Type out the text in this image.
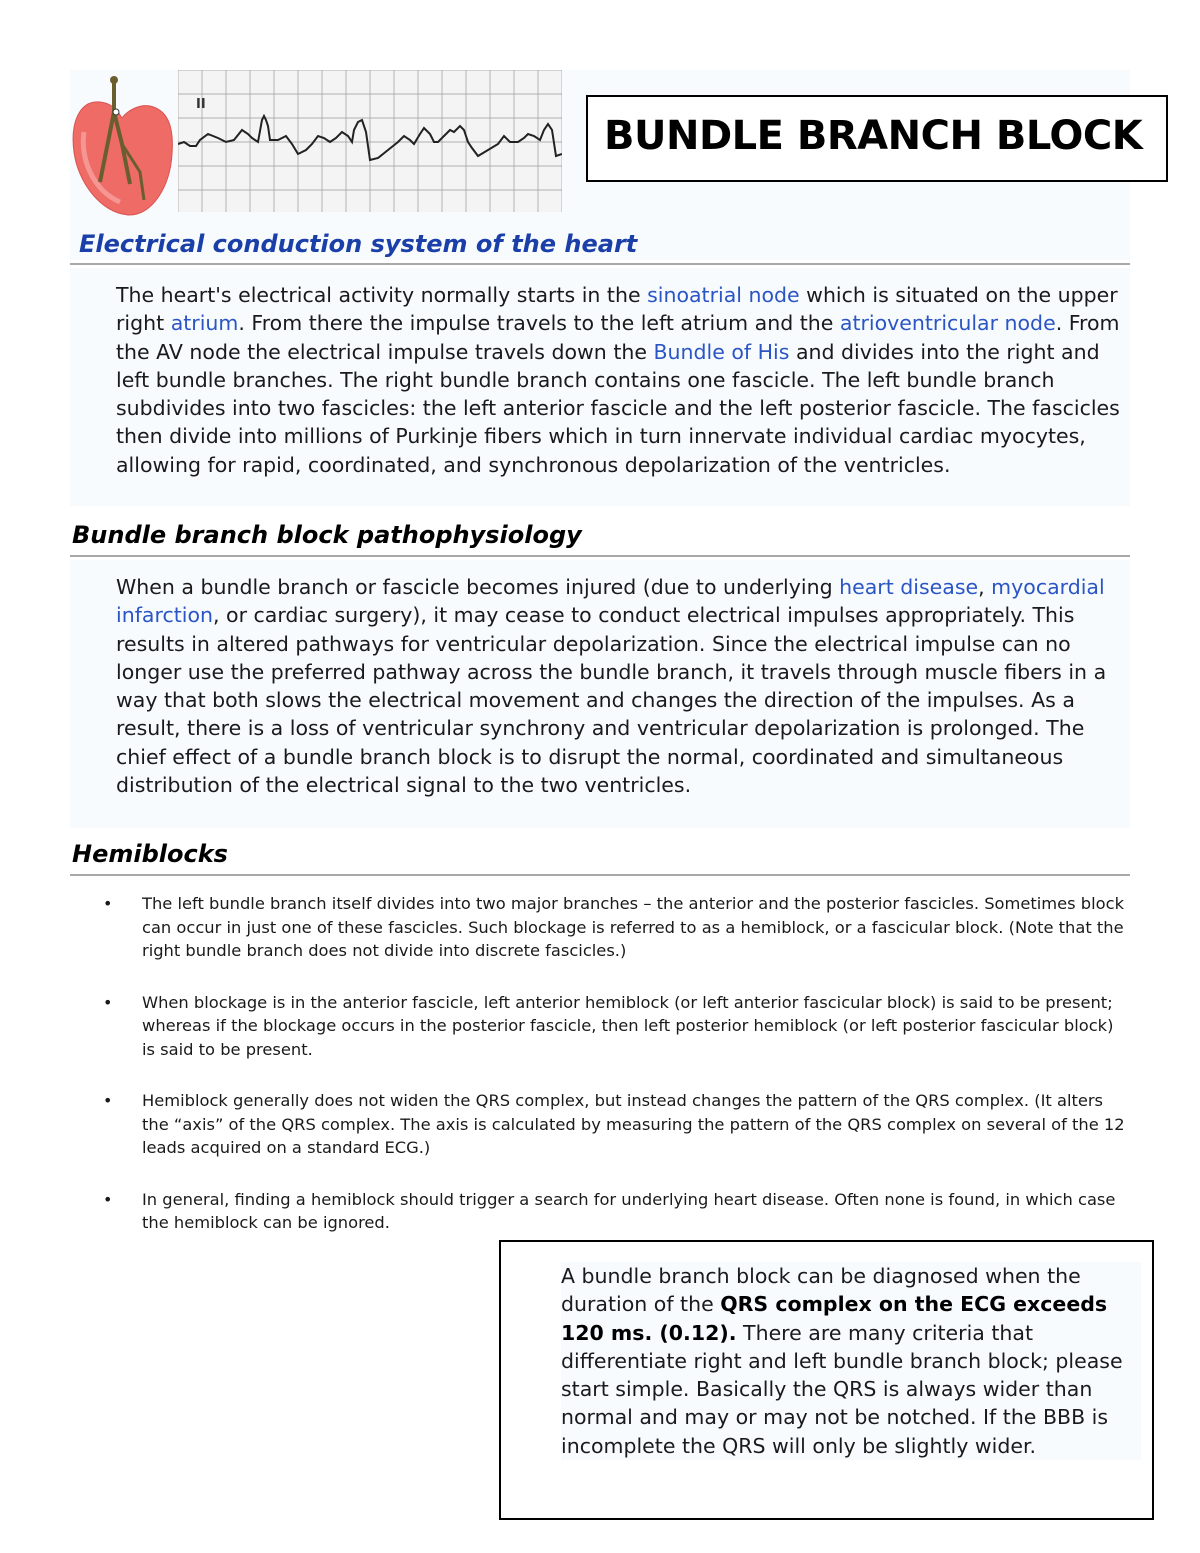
II
BUNDLE BRANCH BLOCK
Electrical conduction system of the heart
The heart's electrical activity normally starts in the sinoatrial node which is situated on the upper right atrium. From there the impulse travels to the left atrium and the atrioventricular node. From the AV node the electrical impulse travels down the Bundle of His and divides into the right and left bundle branches. The right bundle branch contains one fascicle. The left bundle branch subdivides into two fascicles: the left anterior fascicle and the left posterior fascicle. The fascicles then divide into millions of Purkinje fibers which in turn innervate individual cardiac myocytes, allowing for rapid, coordinated, and synchronous depolarization of the ventricles.
Bundle branch block pathophysiology
When a bundle branch or fascicle becomes injured (due to underlying heart disease, myocardial infarction, or cardiac surgery), it may cease to conduct electrical impulses appropriately. This results in altered pathways for ventricular depolarization. Since the electrical impulse can no longer use the preferred pathway across the bundle branch, it travels through muscle fibers in a way that both slows the electrical movement and changes the direction of the impulses. As a result, there is a loss of ventricular synchrony and ventricular depolarization is prolonged. The chief effect of a bundle branch block is to disrupt the normal, coordinated and simultaneous distribution of the electrical signal to the two ventricles.
Hemiblocks
• The left bundle branch itself divides into two major branches – the anterior and the posterior fascicles. Sometimes block can occur in just one of these fascicles. Such blockage is referred to as a hemiblock, or a fascicular block. (Note that the right bundle branch does not divide into discrete fascicles.)
• When blockage is in the anterior fascicle, left anterior hemiblock (or left anterior fascicular block) is said to be present; whereas if the blockage occurs in the posterior fascicle, then left posterior hemiblock (or left posterior fascicular block) is said to be present.
• Hemiblock generally does not widen the QRS complex, but instead changes the pattern of the QRS complex. (It alters the “axis” of the QRS complex. The axis is calculated by measuring the pattern of the QRS complex on several of the 12 leads acquired on a standard ECG.)
• In general, finding a hemiblock should trigger a search for underlying heart disease. Often none is found, in which case the hemiblock can be ignored.
A bundle branch block can be diagnosed when the duration of the QRS complex on the ECG exceeds 120 ms. (0.12). There are many criteria that differentiate right and left bundle branch block; please start simple. Basically the QRS is always wider than normal and may or may not be notched. If the BBB is incomplete the QRS will only be slightly wider.
